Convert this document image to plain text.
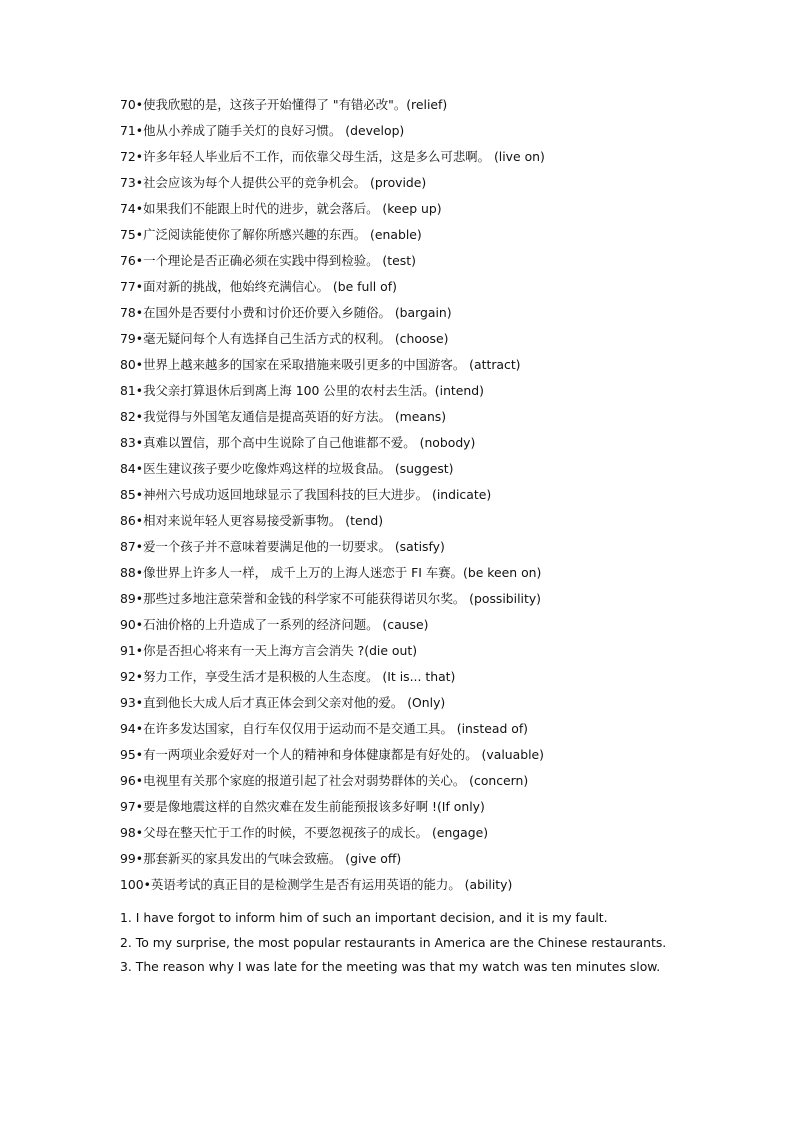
70•使我欣慰的是，这孩子开始懂得了 "有错必改"。(relief)
71•他从小养成了随手关灯的良好习惯。 (develop)
72•许多年轻人毕业后不工作，而依靠父母生活，这是多么可悲啊。 (live on)
73•社会应该为每个人提供公平的竞争机会。 (provide)
74•如果我们不能跟上时代的进步，就会落后。 (keep up)
75•广泛阅读能使你了解你所感兴趣的东西。 (enable)
76•一个理论是否正确必须在实践中得到检验。 (test)
77•面对新的挑战，他始终充满信心。 (be full of)
78•在国外是否要付小费和讨价还价要入乡随俗。 (bargain)
79•毫无疑问每个人有选择自己生活方式的权利。 (choose)
80•世界上越来越多的国家在采取措施来吸引更多的中国游客。 (attract)
81•我父亲打算退休后到离上海 100 公里的农村去生活。(intend)
82•我觉得与外国笔友通信是提高英语的好方法。 (means)
83•真难以置信，那个高中生说除了自己他谁都不爱。 (nobody)
84•医生建议孩子要少吃像炸鸡这样的垃圾食品。 (suggest)
85•神州六号成功返回地球显示了我国科技的巨大进步。 (indicate)
86•相对来说年轻人更容易接受新事物。 (tend)
87•爱一个孩子并不意味着要满足他的一切要求。 (satisfy)
88•像世界上许多人一样， 成千上万的上海人迷恋于 FI 车赛。(be keen on)
89•那些过多地注意荣誉和金钱的科学家不可能获得诺贝尔奖。 (possibility)
90•石油价格的上升造成了一系列的经济问题。 (cause)
91•你是否担心将来有一天上海方言会消失 ?(die out)
92•努力工作，享受生活才是积极的人生态度。 (It is... that)
93•直到他长大成人后才真正体会到父亲对他的爱。 (Only)
94•在许多发达国家，自行车仅仅用于运动而不是交通工具。 (instead of)
95•有一两项业余爱好对一个人的精神和身体健康都是有好处的。 (valuable)
96•电视里有关那个家庭的报道引起了社会对弱势群体的关心。 (concern)
97•要是像地震这样的自然灾难在发生前能预报该多好啊 !(If only)
98•父母在整天忙于工作的时候，不要忽视孩子的成长。 (engage)
99•那套新买的家具发出的气味会致癌。 (give off)
100•英语考试的真正目的是检测学生是否有运用英语的能力。 (ability)

1. I have forgot to inform him of such an important decision, and it is my fault.

2. To my surprise, the most popular restaurants in America are the Chinese restaurants.

3. The reason why I was late for the meeting was that my watch was ten minutes slow.
